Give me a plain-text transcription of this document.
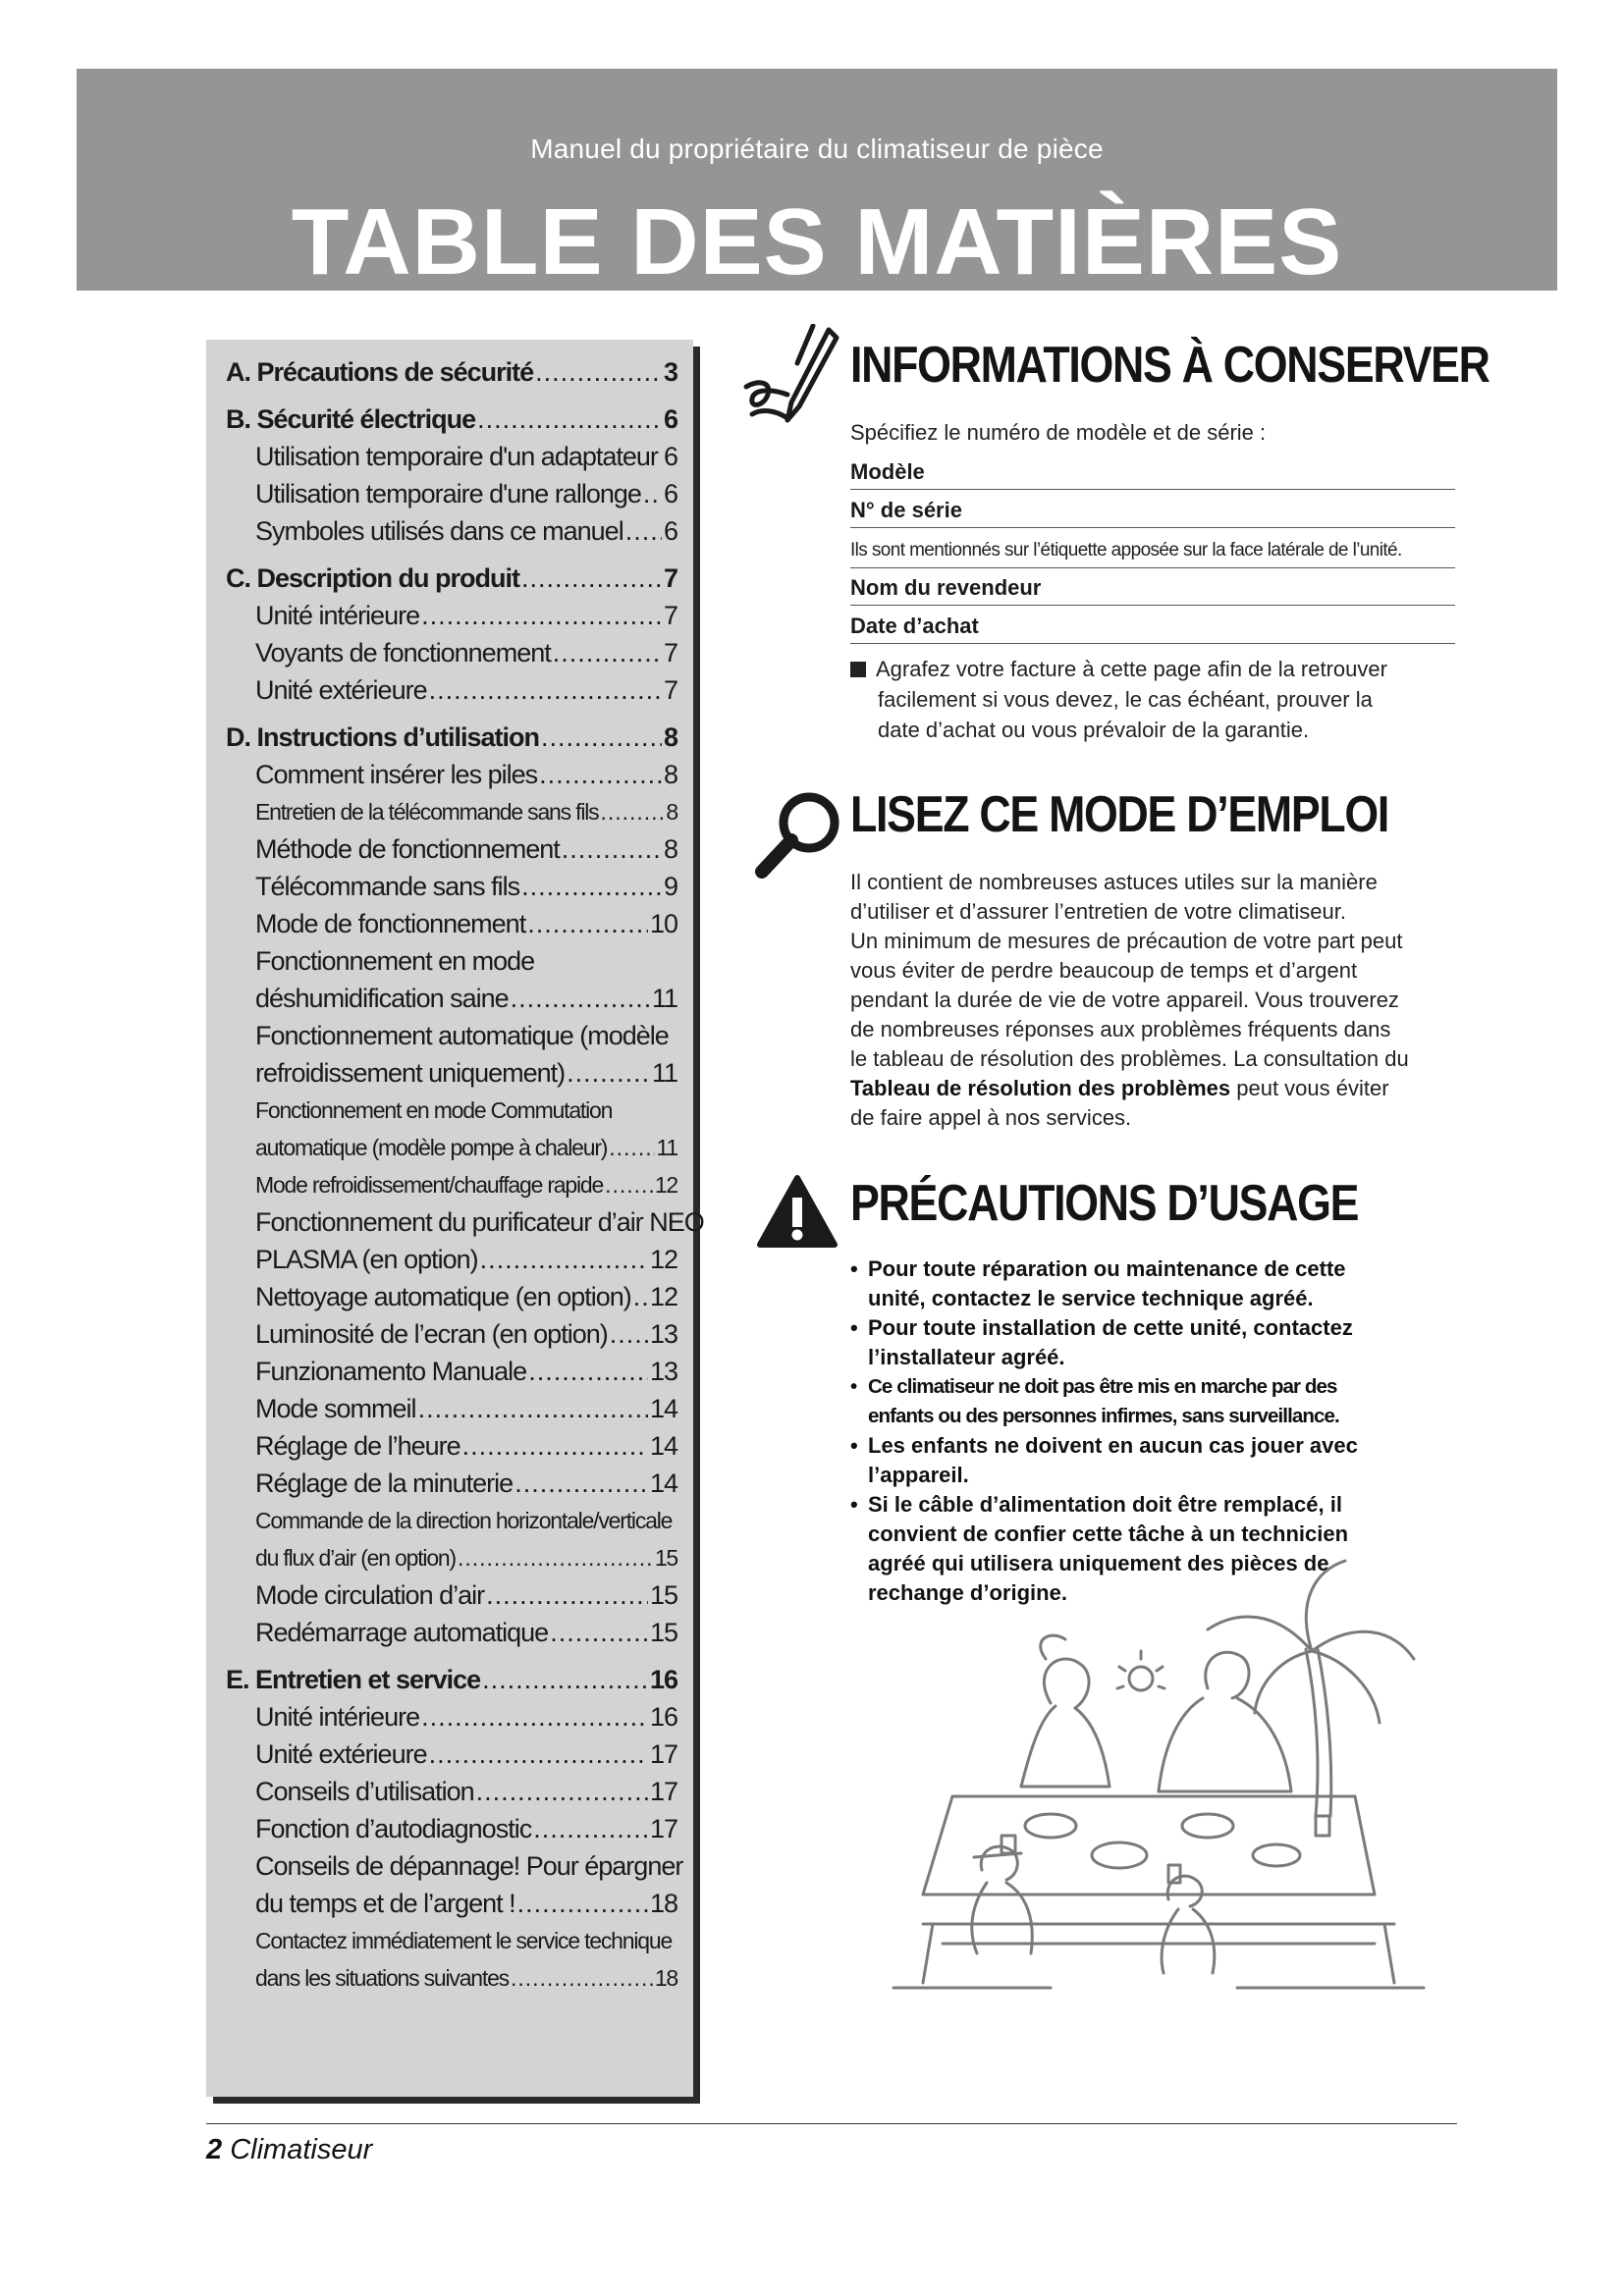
Manuel du propriétaire du climatiseur de pièce
TABLE DES MATIÈRES
A. Précautions de sécurité .....	3
B. Sécurité électrique .....	6
Utilisation temporaire d'un adaptateur ..... 6
Utilisation temporaire d'une rallonge ..... 6
Symboles utilisés dans ce manuel ..... 6
C. Description du produit .....	7
Unité intérieure .....	7
Voyants de fonctionnement .....	7
Unité extérieure .....	7
D. Instructions d’utilisation .....	8
Comment insérer les piles .....	8
Entretien de la télécommande sans fils .....	8
Méthode de fonctionnement .....	8
Télécommande sans fils .....	9
Mode de fonctionnement .....	10
Fonctionnement en mode
déshumidification saine .....	11
Fonctionnement automatique (modèle
refroidissement uniquement) .....	11
Fonctionnement en mode Commutation
automatique (modèle pompe à chaleur) ..... 11
Mode refroidissement/chauffage rapide ..... 12
Fonctionnement du purificateur d’air NEO
PLASMA (en option) .....	12
Nettoyage automatique (en option) ..... 12
Luminosité de l’ecran (en option) ..... 13
Funzionamento Manuale .....	13
Mode sommeil .....	14
Réglage de l’heure .....	14
Réglage de la minuterie .....	14
Commande de la direction horizontale/verticale
du flux d’air (en option) .....	15
Mode circulation d’air .....	15
Redémarrage automatique .....	15
E. Entretien et service .....	16
Unité intérieure .....	16
Unité extérieure .....	17
Conseils d’utilisation .....	17
Fonction d’autodiagnostic .....	17
Conseils de dépannage! Pour épargner
du temps et de l’argent ! .....	18
Contactez immédiatement le service technique
dans les situations suivantes .....	18
INFORMATIONS À CONSERVER
Spécifiez le numéro de modèle et de série :
Modèle
N° de série
Ils sont mentionnés sur l’étiquette apposée sur la face latérale de l’unité.
Nom du revendeur
Date d’achat
Agrafez votre facture à cette page afin de la retrouver
facilement si vous devez, le cas échéant, prouver la
date d’achat ou vous prévaloir de la garantie.
LISEZ CE MODE D’EMPLOI

Il contient de nombreuses astuces utiles sur la manière

d’utiliser et d’assurer l’entretien de votre climatiseur.

Un minimum de mesures de précaution de votre part peut

vous éviter de perdre beaucoup de temps et d’argent

pendant la durée de vie de votre appareil. Vous trouverez

de nombreuses réponses aux problèmes fréquents dans

le tableau de résolution des problèmes. La consultation du

Tableau de résolution des problèmes peut vous éviter

de faire appel à nos services.

PRÉCAUTIONS D’USAGE
• Pour toute réparation ou maintenance de cette
unité, contactez le service technique agréé.
• Pour toute installation de cette unité, contactez
l’installateur agréé.
• Ce climatiseur ne doit pas être mis en marche par des
enfants ou des personnes infirmes, sans surveillance.
• Les enfants ne doivent en aucun cas jouer avec
l’appareil.
• Si le câble d’alimentation doit être remplacé, il
convient de confier cette tâche à un technicien
agréé qui utilisera uniquement des pièces de
rechange d’origine.
2 Climatiseur
